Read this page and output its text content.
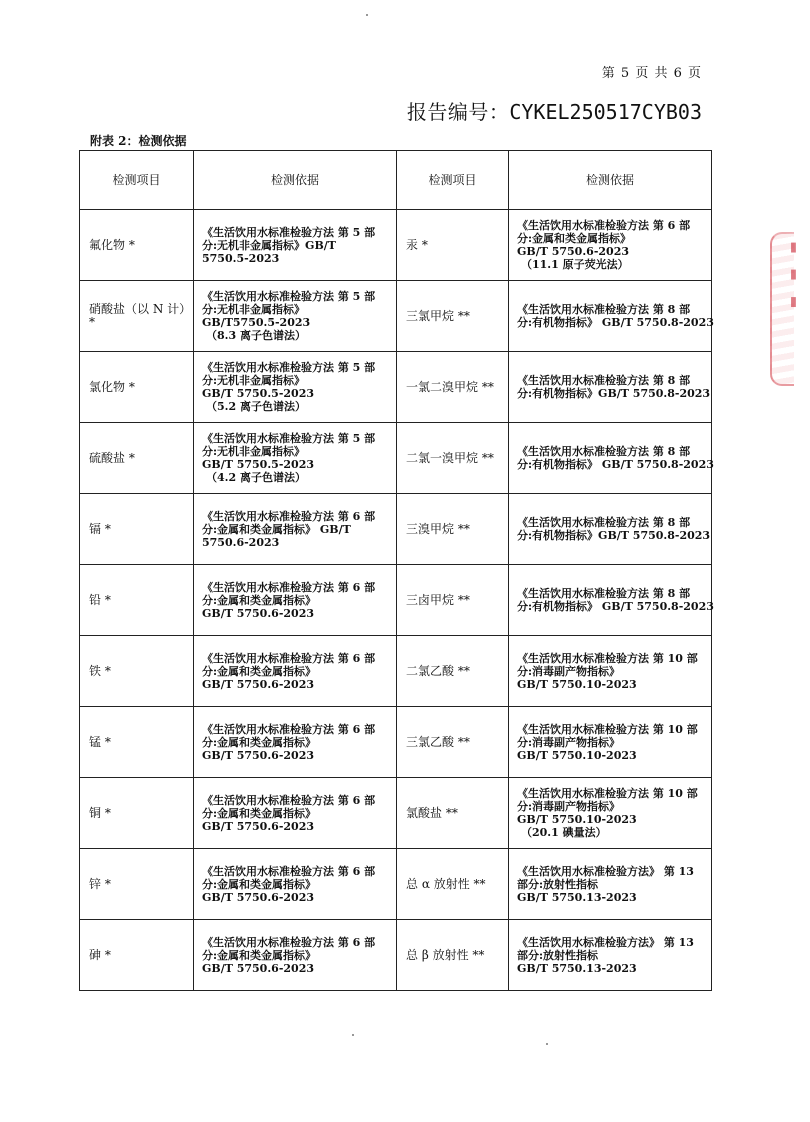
第 5 页 共 6 页
报告编号：CYKEL250517CYB03
附表 2：检测依据
检测项目	检测依据	检测项目	检测依据
氟化物 *	《生活饮用水标准检验方法 第 5 部
分:无机非金属指标》GB/T
5750.5-2023	汞 *	《生活饮用水标准检验方法 第 6 部
分:金属和类金属指标》
GB/T 5750.6-2023
（11.1 原子荧光法）

硝酸盐（以 N 计）*	《生活饮用水标准检验方法 第 5 部
分:无机非金属指标》
GB/T5750.5-2023
（8.3 离子色谱法）	三氯甲烷 **	《生活饮用水标准检验方法 第 8 部
分:有机物指标》 GB/T 5750.8-2023

氯化物 *	《生活饮用水标准检验方法 第 5 部
分:无机非金属指标》
GB/T 5750.5-2023
（5.2 离子色谱法）	一氯二溴甲烷 **	《生活饮用水标准检验方法 第 8 部
分:有机物指标》GB/T 5750.8-2023

硫酸盐 *	《生活饮用水标准检验方法 第 5 部
分:无机非金属指标》
GB/T 5750.5-2023
（4.2 离子色谱法）	二氯一溴甲烷 **	《生活饮用水标准检验方法 第 8 部
分:有机物指标》 GB/T 5750.8-2023

镉 *	《生活饮用水标准检验方法 第 6 部
分:金属和类金属指标》 GB/T
5750.6-2023	三溴甲烷 **	《生活饮用水标准检验方法 第 8 部
分:有机物指标》GB/T 5750.8-2023

铅 *	《生活饮用水标准检验方法 第 6 部
分:金属和类金属指标》
GB/T 5750.6-2023	三卤甲烷 **	《生活饮用水标准检验方法 第 8 部
分:有机物指标》 GB/T 5750.8-2023

铁 *	《生活饮用水标准检验方法 第 6 部
分:金属和类金属指标》
GB/T 5750.6-2023	二氯乙酸 **	《生活饮用水标准检验方法 第 10 部
分:消毒副产物指标》
GB/T 5750.10-2023

锰 *	《生活饮用水标准检验方法 第 6 部
分:金属和类金属指标》
GB/T 5750.6-2023	三氯乙酸 **	《生活饮用水标准检验方法 第 10 部
分:消毒副产物指标》
GB/T 5750.10-2023

铜 *	《生活饮用水标准检验方法 第 6 部
分:金属和类金属指标》
GB/T 5750.6-2023	氯酸盐 **	《生活饮用水标准检验方法 第 10 部
分:消毒副产物指标》
GB/T 5750.10-2023
（20.1 碘量法）

锌 *	《生活饮用水标准检验方法 第 6 部
分:金属和类金属指标》
GB/T 5750.6-2023	总 α 放射性 **	《生活饮用水标准检验方法》 第 13
部分:放射性指标
GB/T 5750.13-2023

砷 *	《生活饮用水标准检验方法 第 6 部
分:金属和类金属指标》
GB/T 5750.6-2023	总 β 放射性 **	《生活饮用水标准检验方法》 第 13
部分:放射性指标
GB/T 5750.13-2023
▮ ▮ ▮
